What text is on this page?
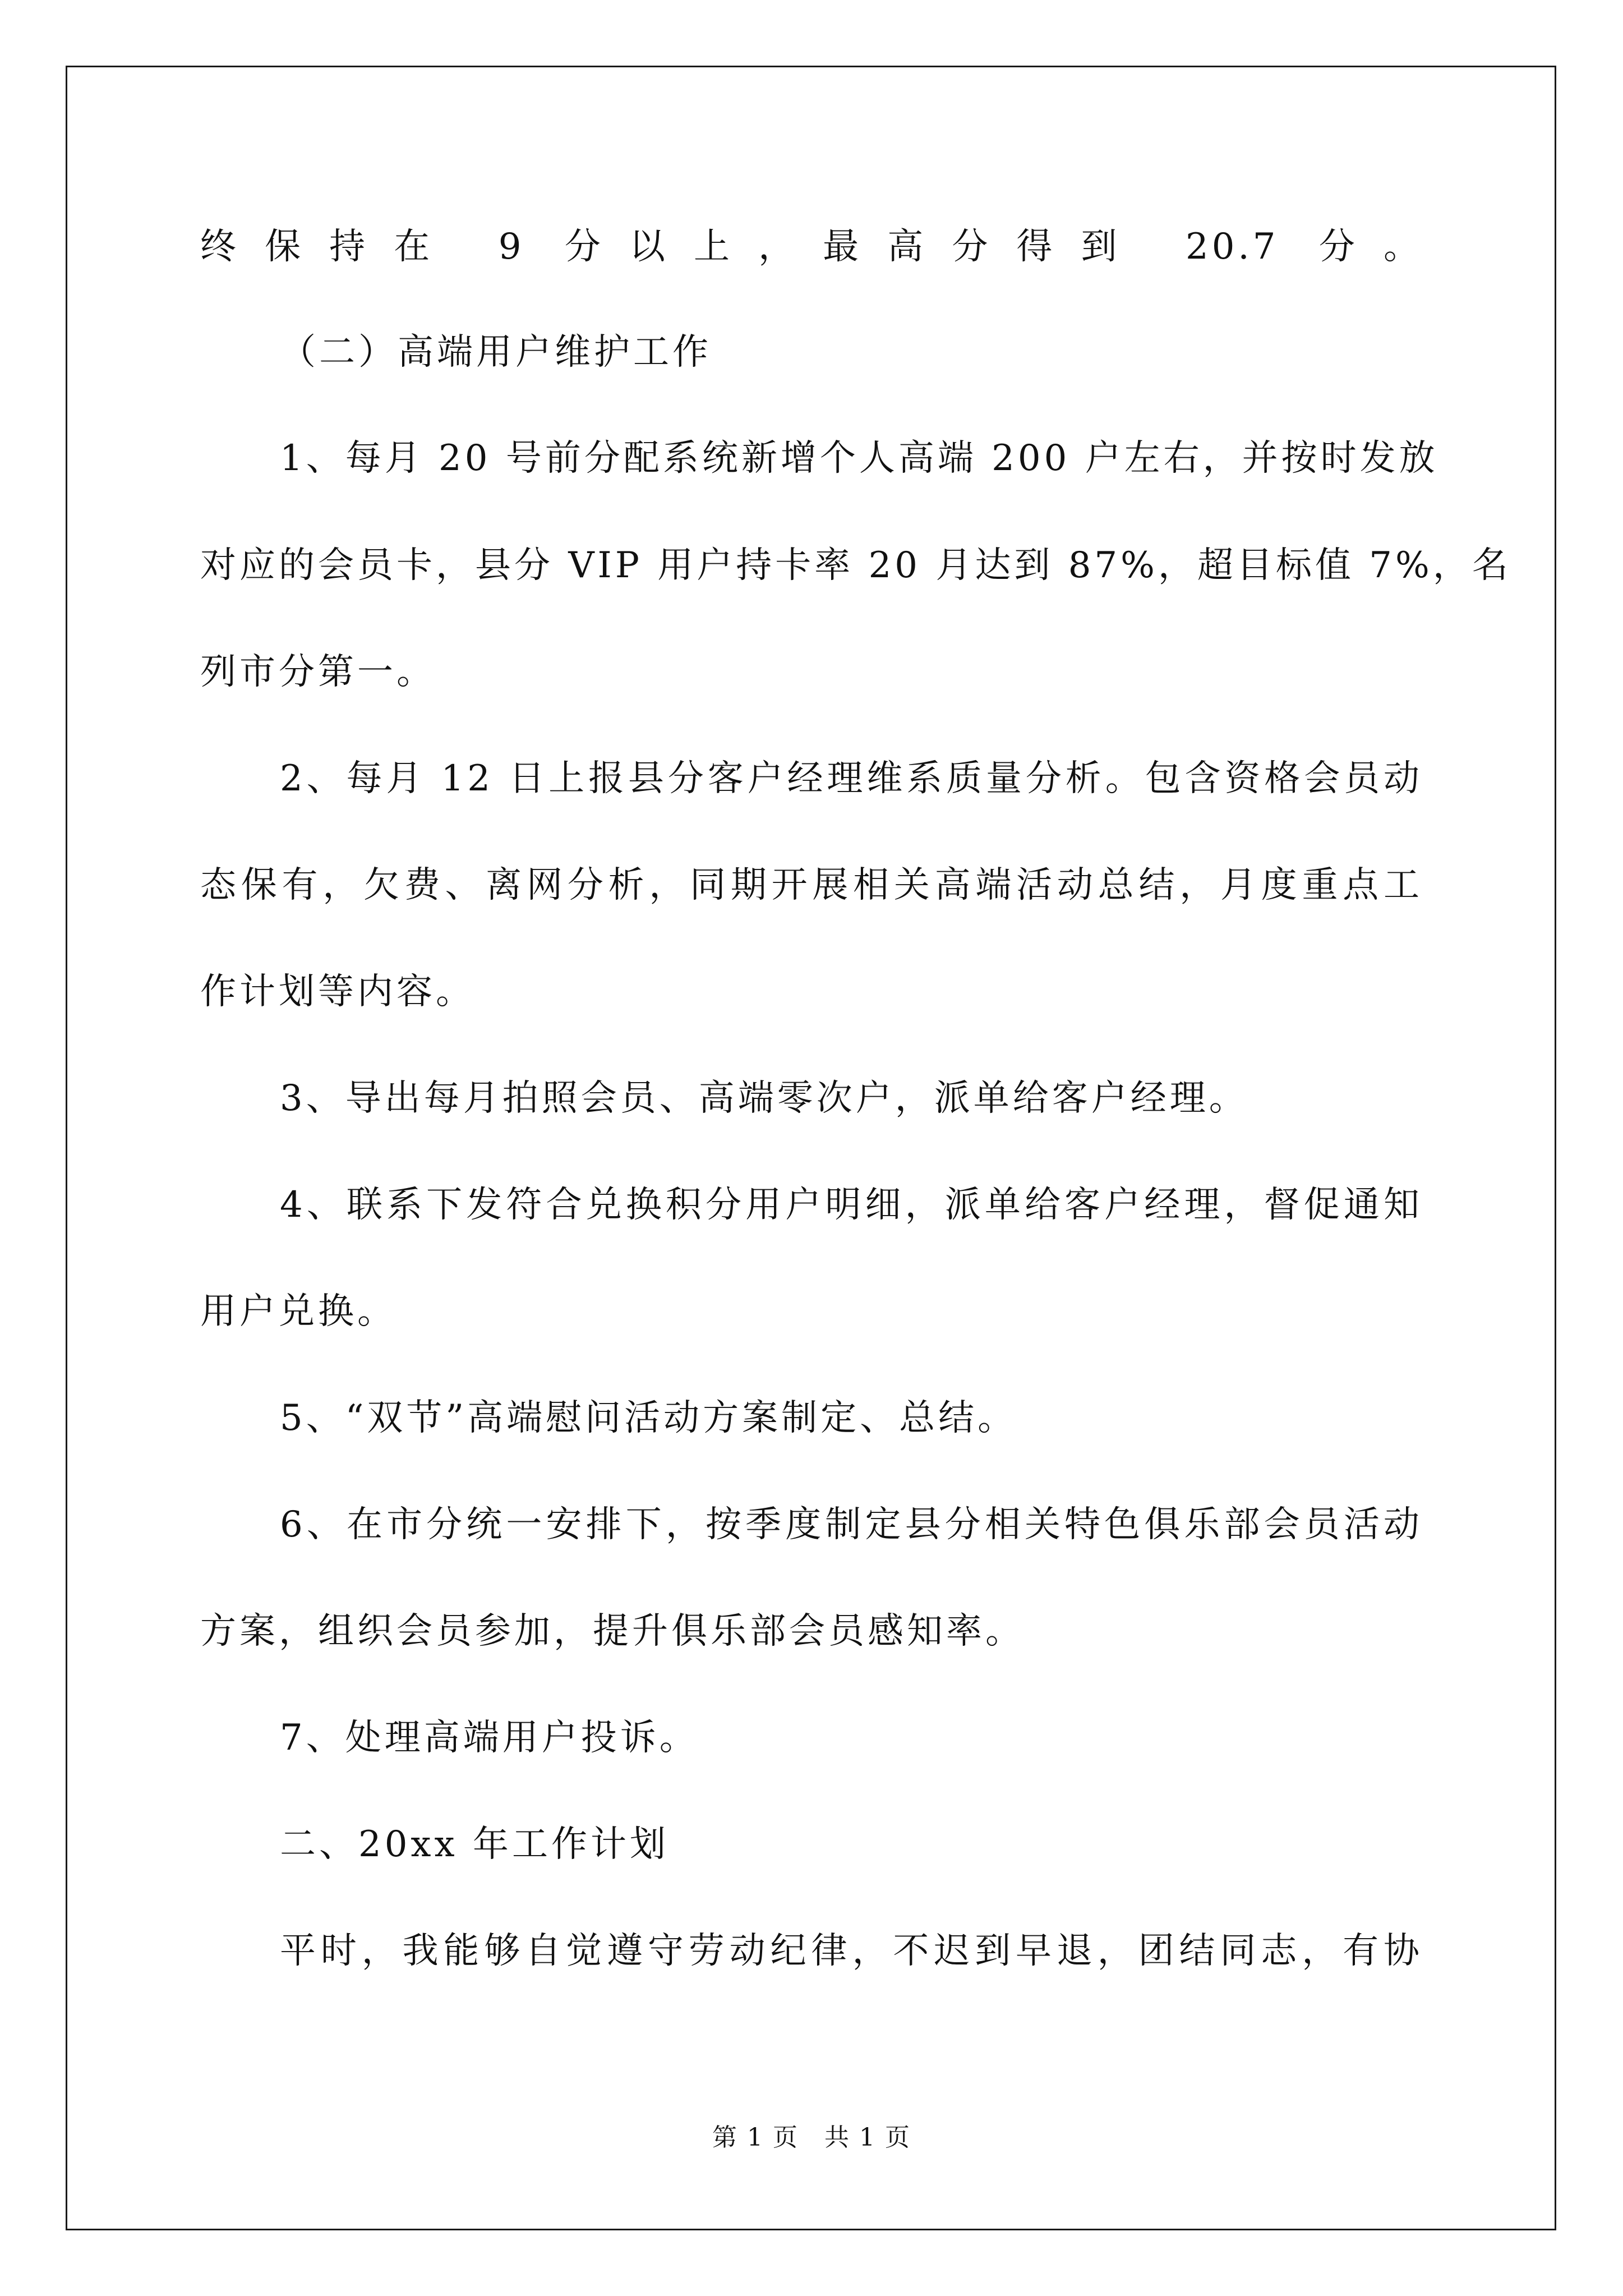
终保持在 9 分以上，最高分得到 20.7 分。
（二）高端用户维护工作
1、每月 20 号前分配系统新增个人高端 200 户左右，并按时发放
对应的会员卡，县分 VIP 用户持卡率 20 月达到 87%，超目标值 7%，名
列市分第一。
2、每月 12 日上报县分客户经理维系质量分析。包含资格会员动
态保有，欠费、离网分析，同期开展相关高端活动总结，月度重点工
作计划等内容。
3、导出每月拍照会员、高端零次户，派单给客户经理。
4、联系下发符合兑换积分用户明细，派单给客户经理，督促通知
用户兑换。
5、“双节”高端慰问活动方案制定、总结。
6、在市分统一安排下，按季度制定县分相关特色俱乐部会员活动
方案，组织会员参加，提升俱乐部会员感知率。
7、处理高端用户投诉。
二、20xx 年工作计划
平时，我能够自觉遵守劳动纪律，不迟到早退，团结同志，有协
第 1 页　共 1 页
